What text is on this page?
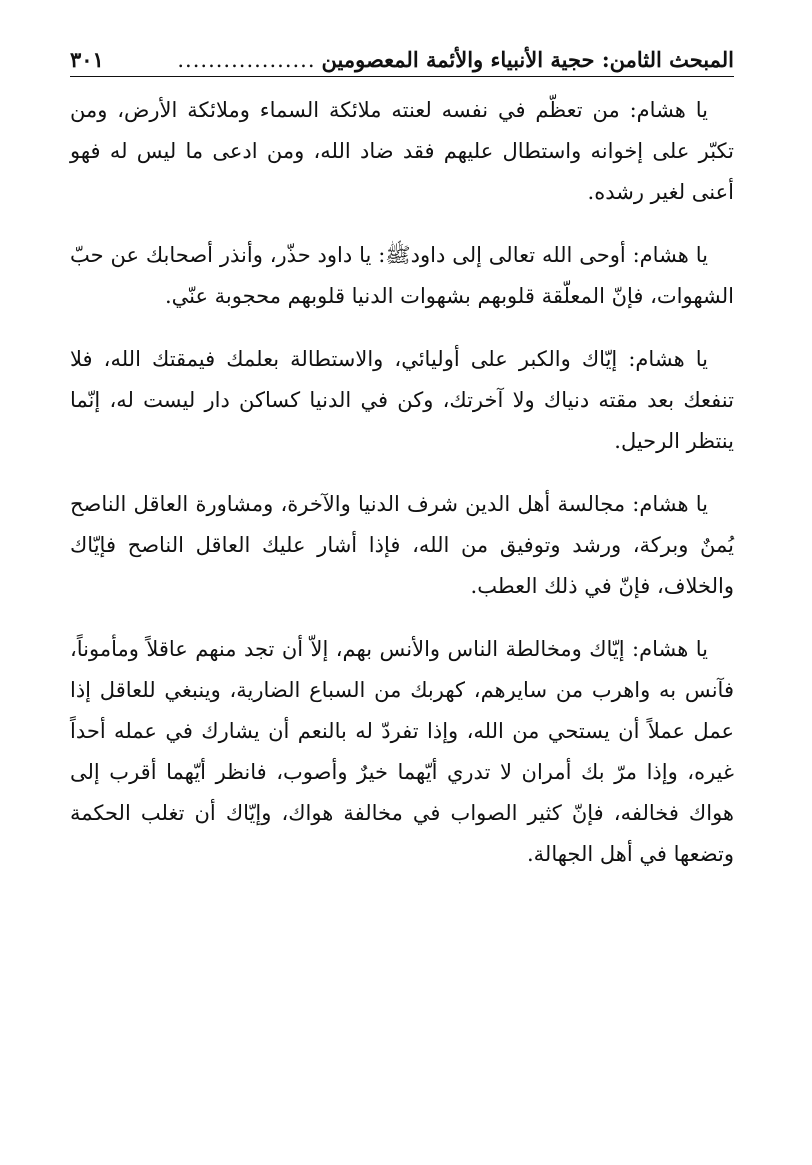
المبحث الثامن: حجية الأنبياء والأئمة المعصومين
..................
٣٠١

يا هشام: من تعظّم في نفسه لعنته ملائكة السماء وملائكة الأرض، ومن تكبّر على إخوانه واستطال عليهم فقد ضاد الله، ومن ادعى ما ليس له فهو أعنى لغير رشده.

يا هشام: أوحى الله تعالى إلى داودﷺ: يا داود حذّر، وأنذر أصحابك عن حبّ الشهوات، فإنّ المعلّقة قلوبهم بشهوات الدنيا قلوبهم محجوبة عنّي.

يا هشام: إيّاك والكبر على أوليائي، والاستطالة بعلمك فيمقتك الله، فلا تنفعك بعد مقته دنياك ولا آخرتك، وكن في الدنيا كساكن دار ليست له، إنّما ينتظر الرحيل.

يا هشام: مجالسة أهل الدين شرف الدنيا والآخرة، ومشاورة العاقل الناصح يُمنٌ وبركة، ورشد وتوفيق من الله، فإذا أشار عليك العاقل الناصح فإيّاك والخلاف، فإنّ في ذلك العطب.

يا هشام: إيّاك ومخالطة الناس والأنس بهم، إلاّ أن تجد منهم عاقلاً ومأموناً، فآنس به واهرب من سايرهم، كهربك من السباع الضارية، وينبغي للعاقل إذا عمل عملاً أن يستحي من الله، وإذا تفردّ له بالنعم أن يشارك في عمله أحداً غيره، وإذا مرّ بك أمران لا تدري أيّهما خيرٌ وأصوب، فانظر أيّهما أقرب إلى هواك فخالفه، فإنّ كثير الصواب في مخالفة هواك، وإيّاك أن تغلب الحكمة وتضعها في أهل الجهالة.
